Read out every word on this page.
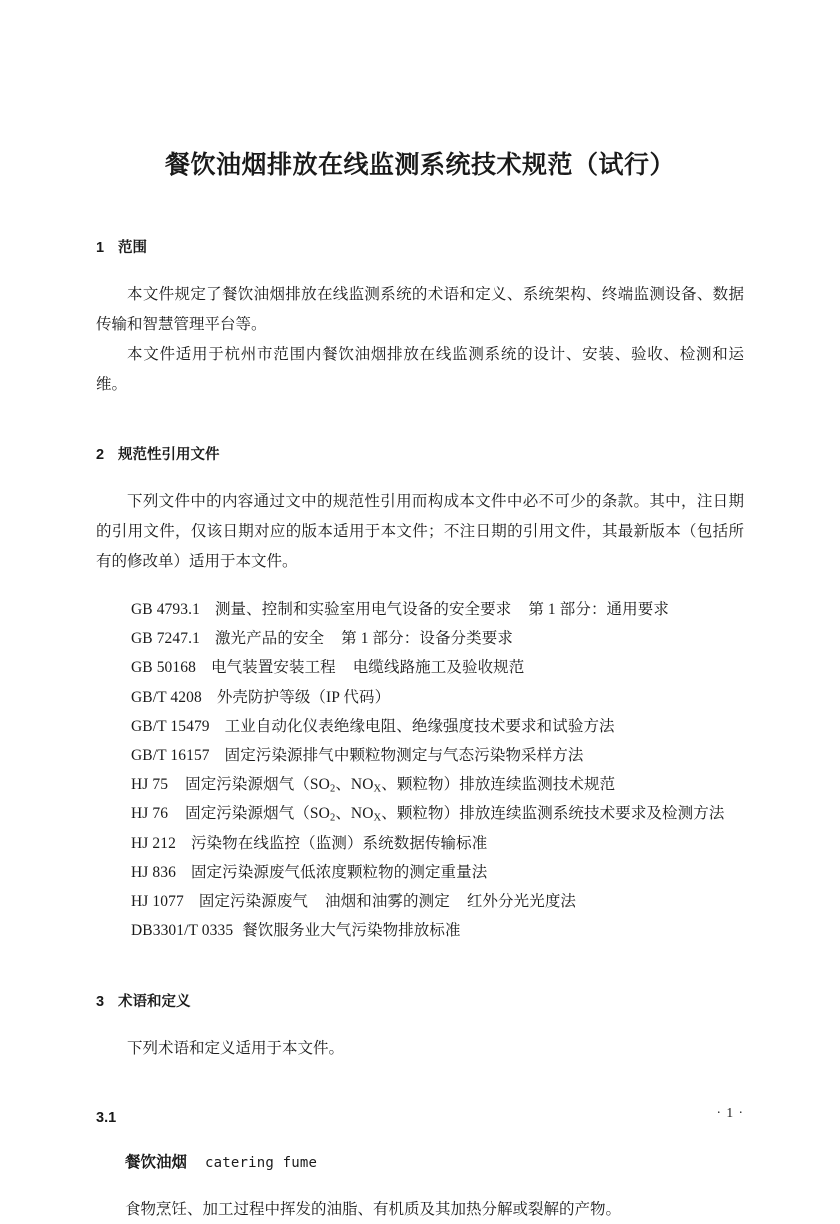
餐饮油烟排放在线监测系统技术规范（试行）
1 范围

本文件规定了餐饮油烟排放在线监测系统的术语和定义、系统架构、终端监测设备、数据传输和智慧管理平台等。

本文件适用于杭州市范围内餐饮油烟排放在线监测系统的设计、安装、验收、检测和运维。

2 规范性引用文件

下列文件中的内容通过文中的规范性引用而构成本文件中必不可少的条款。其中，注日期的引用文件，仅该日期对应的版本适用于本文件；不注日期的引用文件，其最新版本（包括所有的修改单）适用于本文件。

GB 4793.1 测量、控制和实验室用电气设备的安全要求 第 1 部分：通用要求
GB 7247.1 激光产品的安全 第 1 部分：设备分类要求
GB 50168 电气装置安装工程 电缆线路施工及验收规范
GB/T 4208 外壳防护等级（IP 代码）
GB/T 15479 工业自动化仪表绝缘电阻、绝缘强度技术要求和试验方法
GB/T 16157 固定污染源排气中颗粒物测定与气态污染物采样方法
HJ 75 固定污染源烟气（$SO_2$、$NO_X$、颗粒物）排放连续监测技术规范
HJ 76 固定污染源烟气（$SO_2$、$NO_X$、颗粒物）排放连续监测系统技术要求及检测方法
HJ 212 污染物在线监控（监测）系统数据传输标准
HJ 836 固定污染源废气低浓度颗粒物的测定重量法
HJ 1077 固定污染源废气 油烟和油雾的测定 红外分光光度法
DB3301/T 0335 餐饮服务业大气污染物排放标准
3 术语和定义

下列术语和定义适用于本文件。

3.1

餐饮油烟 catering fume

食物烹饪、加工过程中挥发的油脂、有机质及其加热分解或裂解的产物。

· 1 ·
